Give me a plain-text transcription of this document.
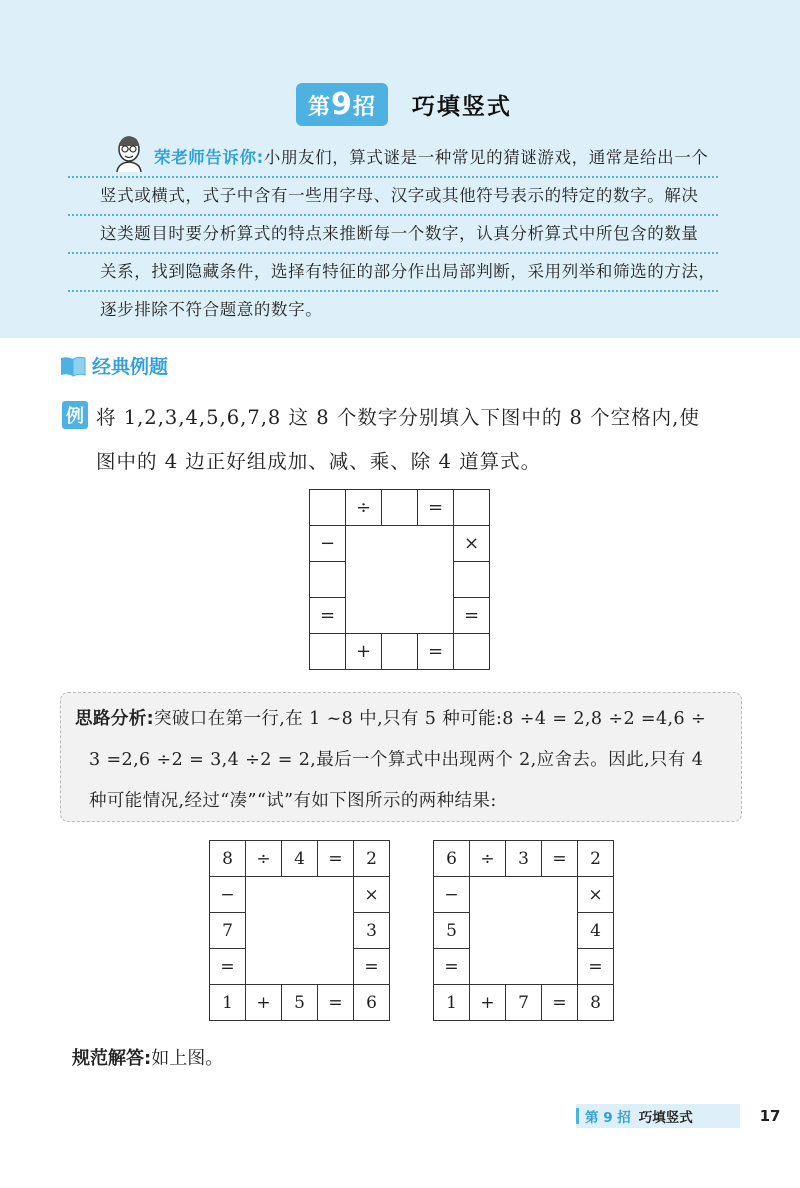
第9招	巧填竖式
荣老师告诉你:小朋友们，算式谜是一种常见的猜谜游戏，通常是给出一个
竖式或横式，式子中含有一些用字母、汉字或其他符号表示的特定的数字。解决
这类题目时要分析算式的特点来推断每一个数字，认真分析算式中所包含的数量
关系，找到隐藏条件，选择有特征的部分作出局部判断，采用列举和筛选的方法，
逐步排除不符合题意的数字。
经典例题
例 将 1,2,3,4,5,6,7,8 这 8 个数字分别填入下图中的 8 个空格内,使
图中的 4 边正好组成加、减、乘、除 4 道算式。
	÷		=	
−				×

=				=
	+		=	
思路分析:突破口在第一行,在 1 ~8 中,只有 5 种可能:8 ÷4 = 2,8 ÷2 =4,6 ÷
3 =2,6 ÷2 = 3,4 ÷2 = 2,最后一个算式中出现两个 2,应舍去。因此,只有 4
种可能情况,经过“凑”“试”有如下图所示的两种结果:
8	÷	4	=	2
−				×
7				3
=				=
1	+	5	=	6
6	÷	3	=	2
−				×
5				4
=				=
1	+	7	=	8
规范解答:如上图。
第 9 招 巧填竖式	17
